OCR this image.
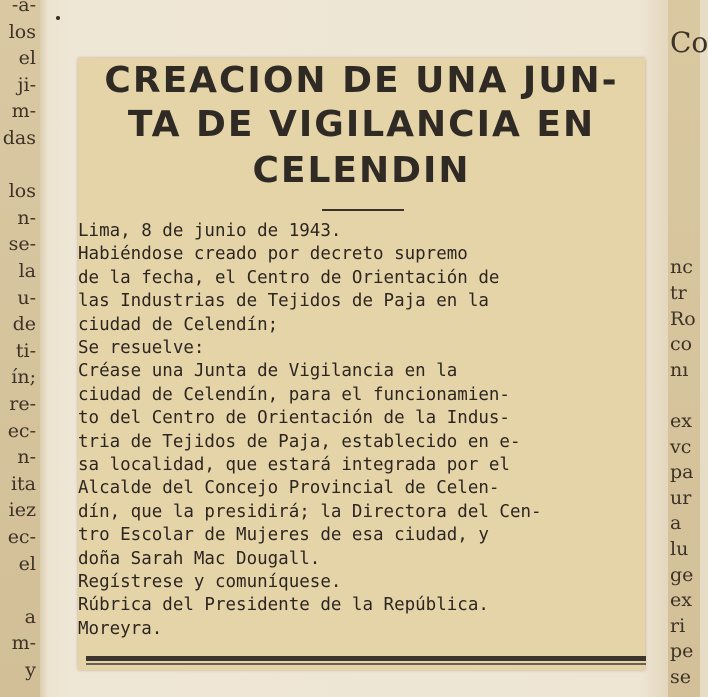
-a-
los
el
ji-
m-
das
los
n-
se-
la
u-
de
ti-
ín;
re-
ec-
n-
ita
iez
ec-
el
a
m-
y
Co
nc
tr
Ro
co
nı
ex
vc
pa
ur
a
lu
ge
ex
ri
pe
se
CREACION DE UNA JUN-
TA DE VIGILANCIA EN
CELENDIN
Lima, 8 de junio de 1943.
Habiéndose creado por decreto supremo
de la fecha, el Centro de Orientación de
las Industrias de Tejidos de Paja en la
ciudad de Celendín;
Se resuelve:
Créase una Junta de Vigilancia en la
ciudad de Celendín, para el funcionamien-
to del Centro de Orientación de la Indus-
tria de Tejidos de Paja, establecido en e-
sa localidad, que estará integrada por el
Alcalde del Concejo Provincial de Celen-
dín, que la presidirá; la Directora del Cen-
tro Escolar de Mujeres de esa ciudad, y
doña Sarah Mac Dougall.
Regístrese y comuníquese.
Rúbrica del Presidente de la República.
Moreyra.
